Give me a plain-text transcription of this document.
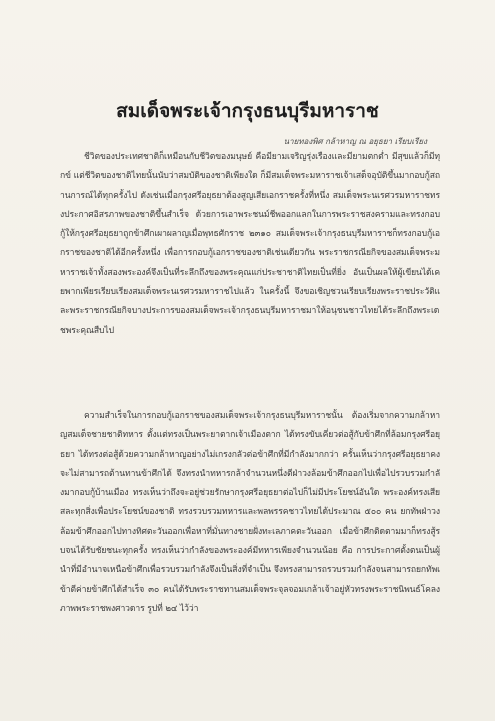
สมเด็จพระเจ้ากรุงธนบุรีมหาราช
นายทองพิศ กล้าหาญ ณ อยุธยา เรียบเรียง
ชีวิตของประเทศชาติก็เหมือนกับชีวิตของมนุษย์ คือมียามเจริญรุ่งเรืองและมียามตกต่ำ มีสุขแล้วก็มีทุกข์ แต่ชีวิตของชาติไทยนั้นนับว่าสมบัติของชาติเพียงใด ก็มีสมเด็จพระมหาราชเจ้าเสด็จอุบัติขึ้นมากอบกู้สถานการณ์ได้ทุกครั้งไป ดังเช่นเมื่อกรุงศรีอยุธยาต้องสูญเสียเอกราชครั้งที่หนึ่ง สมเด็จพระนเรศวรมหาราชทรงประกาศอิสรภาพของชาติขึ้นสำเร็จ ด้วยการเอาพระชนม์ชีพออกแลกในการพระราชสงครามและทรงกอบกู้ให้กรุงศรีอยุธยาถูกข้าศึกเผาผลาญเมื่อพุทธศักราช ๒๓๑๐ สมเด็จพระเจ้ากรุงธนบุรีมหาราชก็ทรงกอบกู้เอกราชของชาติได้อีกครั้งหนึ่ง เพื่อการกอบกู้เอกราชของชาติเช่นเดียวกัน พระราชกรณียกิจของสมเด็จพระมหาราชเจ้าทั้งสองพระองค์จึงเป็นที่ระลึกถึงของพระคุณแก่ประชาชาติไทยเป็นที่ยิ่ง อันเป็นผลให้ผู้เขียนได้เคยพากเพียรเรียบเรียงสมเด็จพระนเรศวรมหาราชไปแล้ว ในครั้งนี้ จึงขอเชิญชวนเรียบเรียงพระราชประวัติและพระราชกรณียกิจบางประการของสมเด็จพระเจ้ากรุงธนบุรีมหาราชมาให้อนุชนชาวไทยได้ระลึกถึงพระเดชพระคุณสืบไป
ความสำเร็จในการกอบกู้เอกราชของสมเด็จพระเจ้ากรุงธนบุรีมหาราชนั้น ต้องเริ่มจากความกล้าหาญสมเด็จชายชาติทหาร ตั้งแต่ทรงเป็นพระยาตากเจ้าเมืองตาก ได้ทรงขับเคี่ยวต่อสู้กับข้าศึกที่ล้อมกรุงศรีอยุธยา ได้ทรงต่อสู้ด้วยความกล้าหาญอย่างไม่เกรงกลัวต่อข้าศึกที่มีกำลังมากกว่า ครั้นเห็นว่ากรุงศรีอยุธยาคงจะไม่สามารถต้านทานข้าศึกได้ จึงทรงนำทหารกล้าจำนวนหนึ่งตีฝ่าวงล้อมข้าศึกออกไปเพื่อไปรวบรวมกำลังมากอบกู้บ้านเมือง ทรงเห็นว่าถึงจะอยู่ช่วยรักษากรุงศรีอยุธยาต่อไปก็ไม่มีประโยชน์อันใด พระองค์ทรงเสียสละทุกสิ่งเพื่อประโยชน์ของชาติ ทรงรวบรวมทหารและพลพรรคชาวไทยได้ประมาณ ๕๐๐ คน ยกทัพฝ่าวงล้อมข้าศึกออกไปทางทิศตะวันออกเพื่อหาที่มั่นทางชายฝั่งทะเลภาคตะวันออก เมื่อข้าศึกติดตามมาก็ทรงสู้รบจนได้รับชัยชนะทุกครั้ง ทรงเห็นว่ากำลังของพระองค์มีทหารเพียงจำนวนน้อย คือ การประกาศตั้งตนเป็นผู้นำที่มีอำนาจเหนือข้าศึกเพื่อรวบรวมกำลังจึงเป็นสิ่งที่จำเป็น จึงทรงสามารถรวบรวมกำลังจนสามารถยกทัพเข้าตีค่ายข้าศึกได้สำเร็จ ๓๐ คนได้รับพระราชทานสมเด็จพระจุลจอมเกล้าเจ้าอยู่หัวทรงพระราชนิพนธ์โคลงภาพพระราชพงศาวดาร รูปที่ ๒๔ ไว้ว่า
